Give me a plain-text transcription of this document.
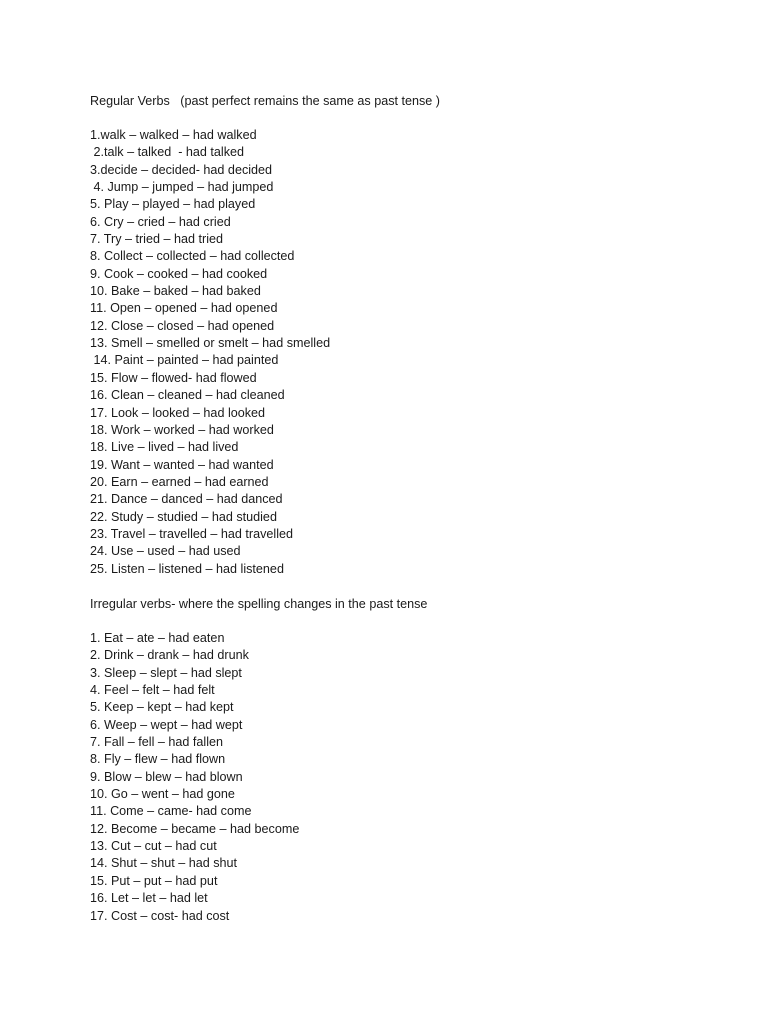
Regular Verbs   (past perfect remains the same as past tense )
1.walk – walked – had walked
2.talk – talked  - had talked
3.decide – decided- had decided
4. Jump – jumped – had jumped
5. Play – played – had played
6. Cry – cried – had cried
7. Try – tried – had tried
8. Collect – collected – had collected
9. Cook – cooked – had cooked
10. Bake – baked – had baked
11. Open – opened – had opened
12. Close – closed – had opened
13. Smell – smelled or smelt – had smelled
14. Paint – painted – had painted
15. Flow – flowed- had flowed
16. Clean – cleaned – had cleaned
17. Look – looked – had looked
18. Work – worked – had worked
18. Live – lived – had lived
19. Want – wanted – had wanted
20. Earn – earned – had earned
21. Dance – danced – had danced
22. Study – studied – had studied
23. Travel – travelled – had travelled
24. Use – used – had used
25. Listen – listened – had listened
Irregular verbs- where the spelling changes in the past tense
1. Eat – ate – had eaten
2. Drink – drank – had drunk
3. Sleep – slept – had slept
4. Feel – felt – had felt
5. Keep – kept – had kept
6. Weep – wept – had wept
7. Fall – fell – had fallen
8. Fly – flew – had flown
9. Blow – blew – had blown
10. Go – went – had gone
11. Come – came- had come
12. Become – became – had become
13. Cut – cut – had cut
14. Shut – shut – had shut
15. Put – put – had put
16. Let – let – had let
17. Cost – cost- had cost
